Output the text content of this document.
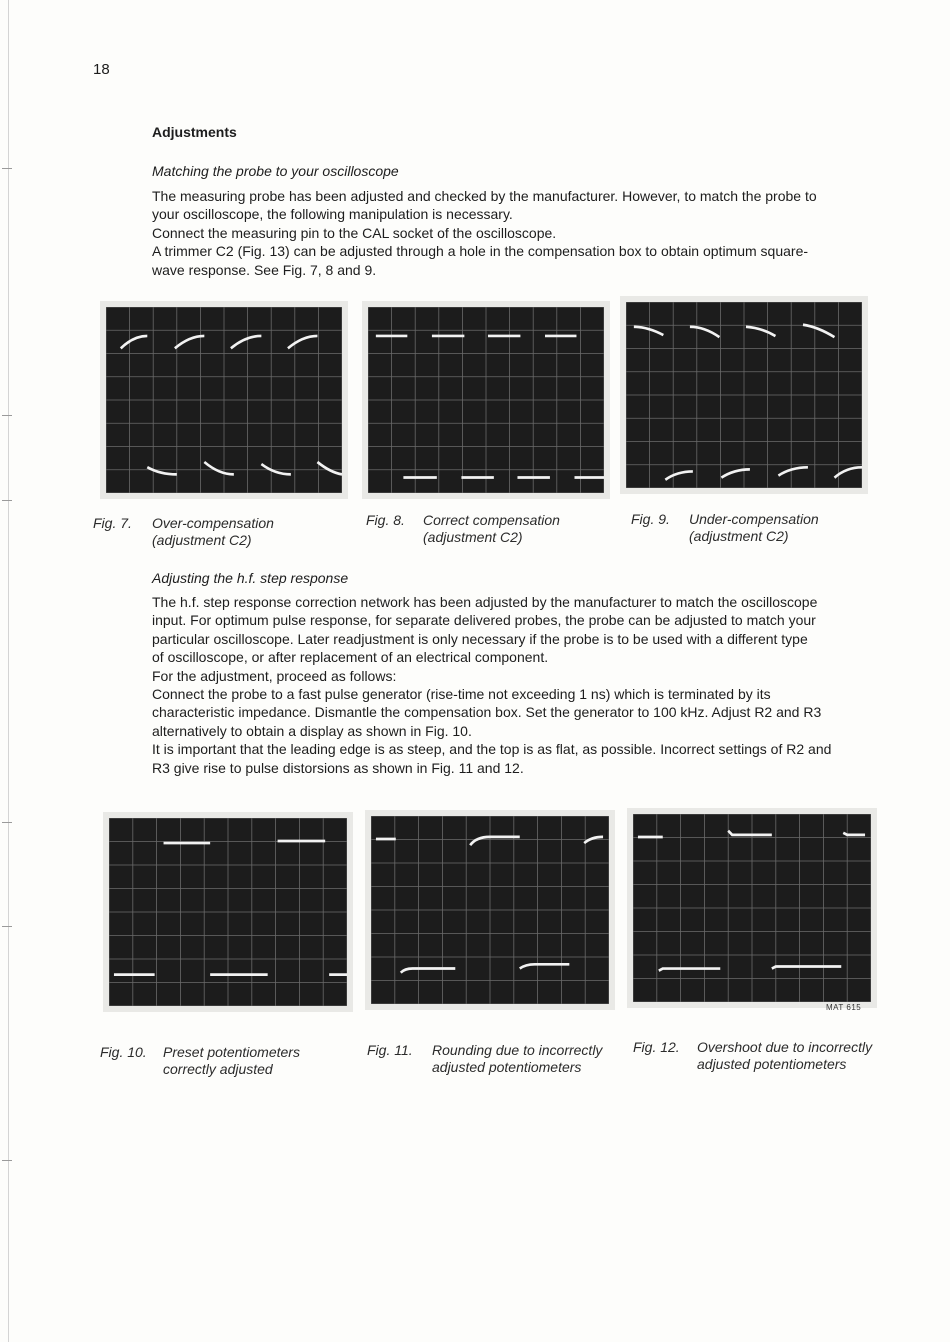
18
Adjustments
Matching the probe to your oscilloscope

The measuring probe has been adjusted and checked by the manufacturer. However, to match the probe to

your oscilloscope, the following manipulation is necessary.

Connect the measuring pin to the CAL socket of the oscilloscope.

A trimmer C2 (Fig. 13) can be adjusted through a hole in the compensation box to obtain optimum square-

wave response. See Fig. 7, 8 and 9.

Fig. 7. Over-compensation
(adjustment C2)
Fig. 8. Correct compensation
(adjustment C2)
Fig. 9. Under-compensation
(adjustment C2)
Adjusting the h.f. step response

The h.f. step response correction network has been adjusted by the manufacturer to match the oscilloscope

input. For optimum pulse response, for separate delivered probes, the probe can be adjusted to match your

particular oscilloscope. Later readjustment is only necessary if the probe is to be used with a different type

of oscilloscope, or after replacement of an electrical component.

For the adjustment, proceed as follows:

Connect the probe to a fast pulse generator (rise-time not exceeding 1 ns) which is terminated by its

characteristic impedance. Dismantle the compensation box. Set the generator to 100 kHz. Adjust R2 and R3

alternatively to obtain a display as shown in Fig. 10.

It is important that the leading edge is as steep, and the top is as flat, as possible. Incorrect settings of R2 and

R3 give rise to pulse distorsions as shown in Fig. 11 and 12.

MAT 615
Fig. 10. Preset potentiometers
correctly adjusted
Fig. 11. Rounding due to incorrectly
adjusted potentiometers
Fig. 12. Overshoot due to incorrectly
adjusted potentiometers
